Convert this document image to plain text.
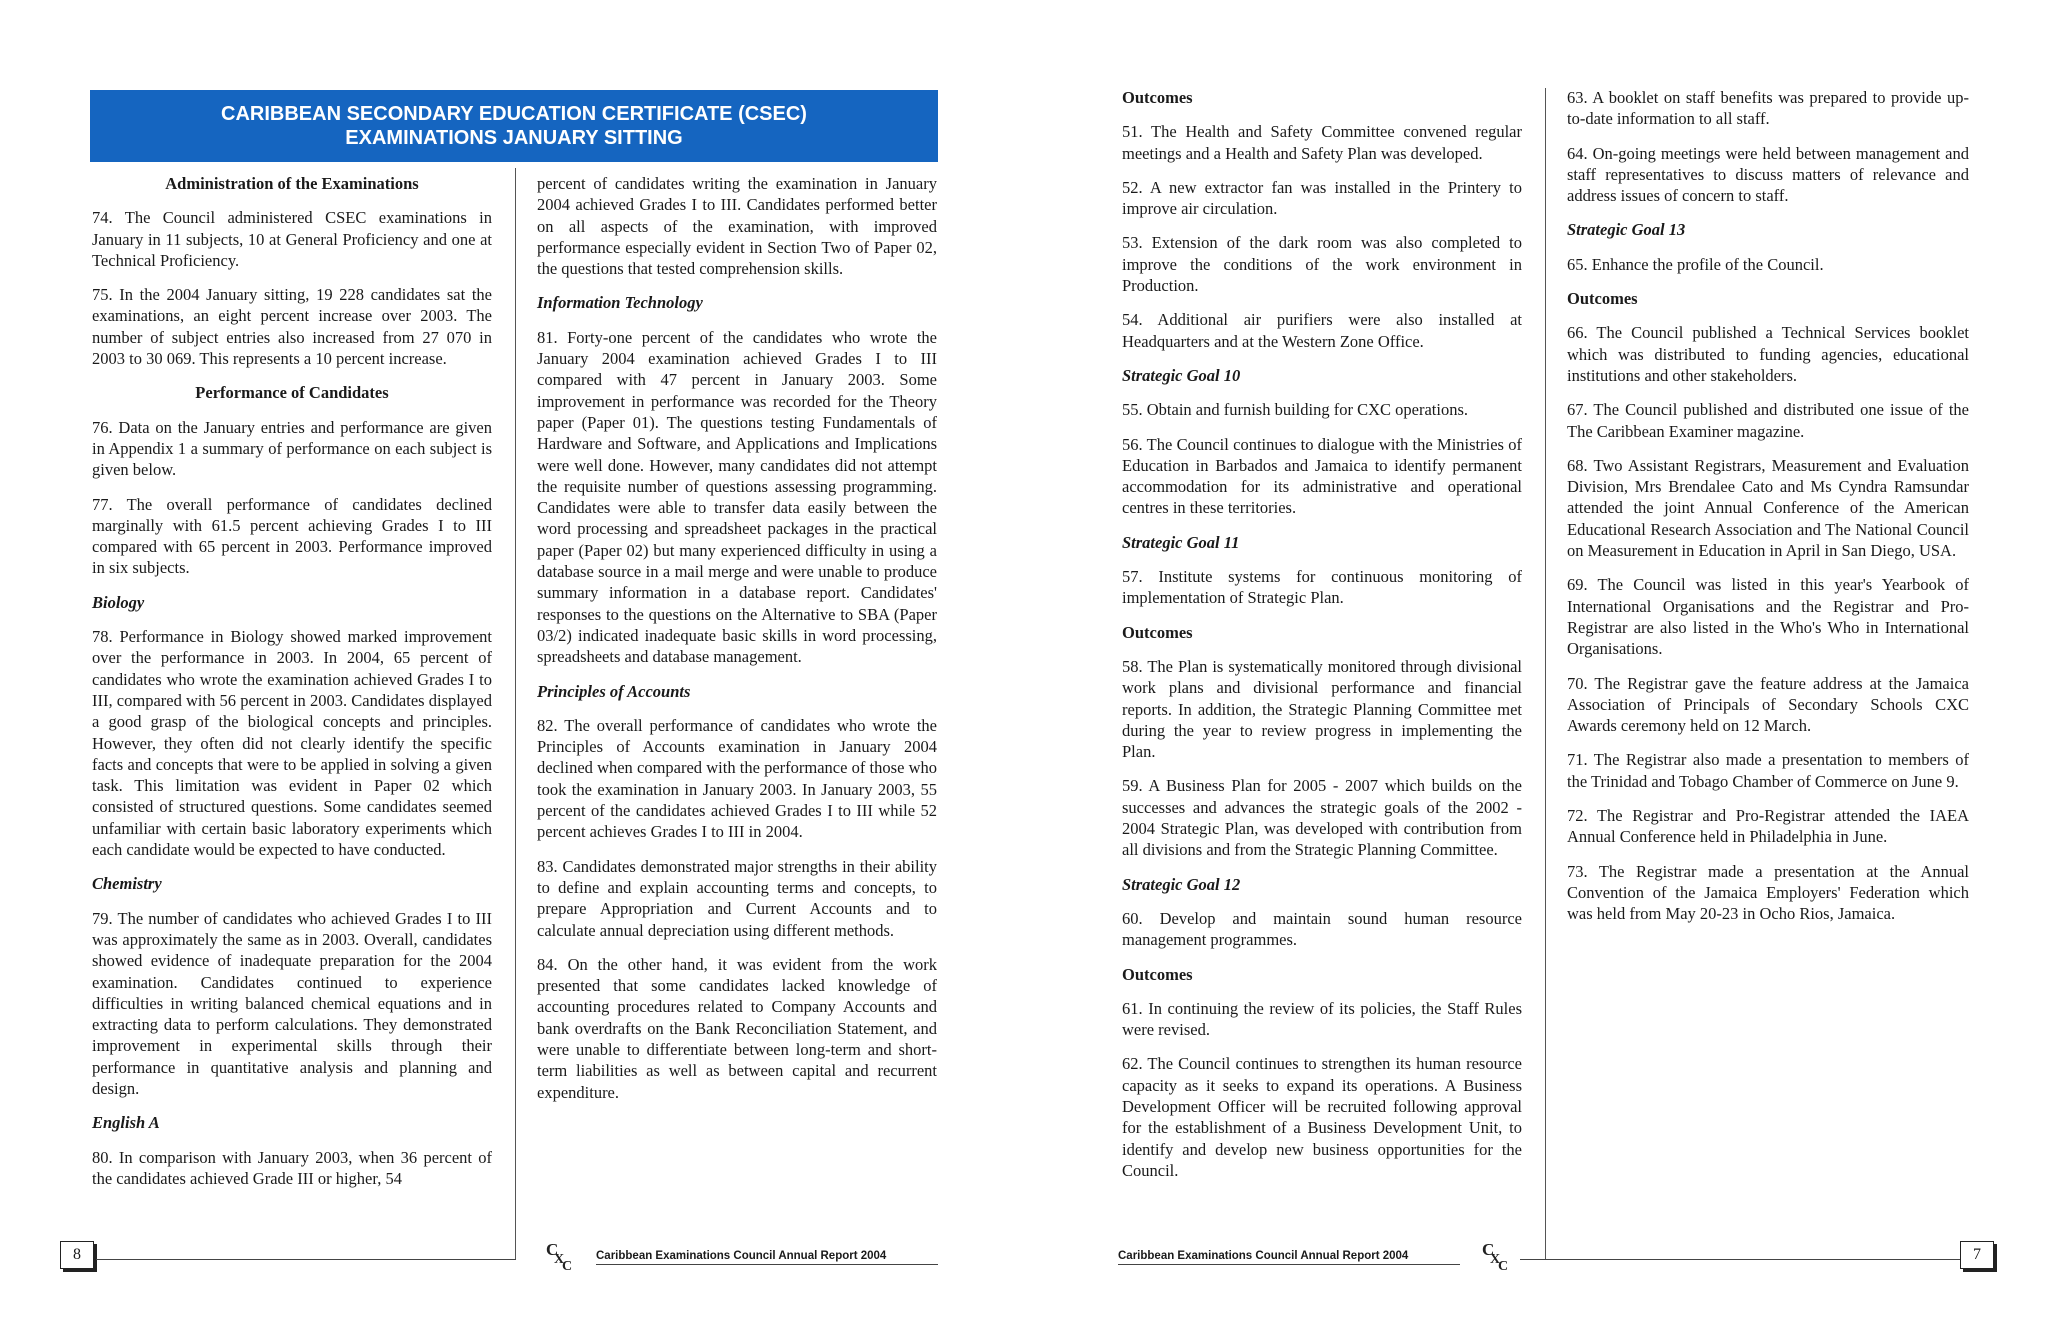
CARIBBEAN SECONDARY EDUCATION CERTIFICATE (CSEC)
EXAMINATIONS JANUARY SITTING
Administration of the Examinations

74. The Council administered CSEC examinations in January in 11 subjects, 10 at General Proficiency and one at Technical Proficiency.

75. In the 2004 January sitting, 19 228 candidates sat the examinations, an eight percent increase over 2003. The number of subject entries also increased from 27 070 in 2003 to 30 069. This represents a 10 percent increase.

Performance of Candidates

76. Data on the January entries and performance are given in Appendix 1 a summary of performance on each subject is given below.

77. The overall performance of candidates declined marginally with 61.5 percent achieving Grades I to III compared with 65 percent in 2003. Performance improved in six subjects.

Biology

78. Performance in Biology showed marked improvement over the performance in 2003. In 2004, 65 percent of candidates who wrote the examination achieved Grades I to III, compared with 56 percent in 2003. Candidates displayed a good grasp of the biological concepts and principles. However, they often did not clearly identify the specific facts and concepts that were to be applied in solving a given task. This limitation was evident in Paper 02 which consisted of structured questions. Some candidates seemed unfamiliar with certain basic laboratory experiments which each candidate would be expected to have conducted.

Chemistry

79. The number of candidates who achieved Grades I to III was approximately the same as in 2003. Overall, candidates showed evidence of inadequate preparation for the 2004 examination. Candidates continued to experience difficulties in writing balanced chemical equations and in extracting data to perform calculations. They demonstrated improvement in experimental skills through their performance in quantitative analysis and planning and design.

English A

80. In comparison with January 2003, when 36 percent of the candidates achieved Grade III or higher, 54

percent of candidates writing the examination in January 2004 achieved Grades I to III. Candidates performed better on all aspects of the examination, with improved performance especially evident in Section Two of Paper 02, the questions that tested comprehension skills.

Information Technology

81. Forty-one percent of the candidates who wrote the January 2004 examination achieved Grades I to III compared with 47 percent in January 2003. Some improvement in performance was recorded for the Theory paper (Paper 01). The questions testing Fundamentals of Hardware and Software, and Applications and Implications were well done. However, many candidates did not attempt the requisite number of questions assessing programming. Candidates were able to transfer data easily between the word processing and spreadsheet packages in the practical paper (Paper 02) but many experienced difficulty in using a database source in a mail merge and were unable to produce summary information in a database report. Candidates' responses to the questions on the Alternative to SBA (Paper 03/2) indicated inadequate basic skills in word processing, spreadsheets and database management.

Principles of Accounts

82. The overall performance of candidates who wrote the Principles of Accounts examination in January 2004 declined when compared with the performance of those who took the examination in January 2003. In January 2003, 55 percent of the candidates achieved Grades I to III while 52 percent achieves Grades I to III in 2004.

83. Candidates demonstrated major strengths in their ability to define and explain accounting terms and concepts, to prepare Appropriation and Current Accounts and to calculate annual depreciation using different methods.

84. On the other hand, it was evident from the work presented that some candidates lacked knowledge of accounting procedures related to Company Accounts and bank overdrafts on the Bank Reconciliation Statement, and were unable to differentiate between long-term and short-term liabilities as well as between capital and recurrent expenditure.

Outcomes

51. The Health and Safety Committee convened regular meetings and a Health and Safety Plan was developed.

52. A new extractor fan was installed in the Printery to improve air circulation.

53. Extension of the dark room was also completed to improve the conditions of the work environment in Production.

54. Additional air purifiers were also installed at Headquarters and at the Western Zone Office.

Strategic Goal 10

55. Obtain and furnish building for CXC operations.

56. The Council continues to dialogue with the Ministries of Education in Barbados and Jamaica to identify permanent accommodation for its administrative and operational centres in these territories.

Strategic Goal 11

57. Institute systems for continuous monitoring of implementation of Strategic Plan.

Outcomes

58. The Plan is systematically monitored through divisional work plans and divisional performance and financial reports. In addition, the Strategic Planning Committee met during the year to review progress in implementing the Plan.

59. A Business Plan for 2005 - 2007 which builds on the successes and advances the strategic goals of the 2002 - 2004 Strategic Plan, was developed with contribution from all divisions and from the Strategic Planning Committee.

Strategic Goal 12

60. Develop and maintain sound human resource management programmes.

Outcomes

61. In continuing the review of its policies, the Staff Rules were revised.

62. The Council continues to strengthen its human resource capacity as it seeks to expand its operations. A Business Development Officer will be recruited following approval for the establishment of a Business Development Unit, to identify and develop new business opportunities for the Council.

63. A booklet on staff benefits was prepared to provide up-to-date information to all staff.

64. On-going meetings were held between management and staff representatives to discuss matters of relevance and address issues of concern to staff.

Strategic Goal 13

65. Enhance the profile of the Council.

Outcomes

66. The Council published a Technical Services booklet which was distributed to funding agencies, educational institutions and other stakeholders.

67. The Council published and distributed one issue of the The Caribbean Examiner magazine.

68. Two Assistant Registrars, Measurement and Evaluation Division, Mrs Brendalee Cato and Ms Cyndra Ramsundar attended the joint Annual Conference of the American Educational Research Association and The National Council on Measurement in Education in April in San Diego, USA.

69. The Council was listed in this year's Yearbook of International Organisations and the Registrar and Pro-Registrar are also listed in the Who's Who in International Organisations.

70. The Registrar gave the feature address at the Jamaica Association of Principals of Secondary Schools CXC Awards ceremony held on 12 March.

71. The Registrar also made a presentation to members of the Trinidad and Tobago Chamber of Commerce on June 9.

72. The Registrar and Pro-Registrar attended the IAEA Annual Conference held in Philadelphia in June.

73. The Registrar made a presentation at the Annual Convention of the Jamaica Employers' Federation which was held from May 20-23 in Ocho Rios, Jamaica.

8	C
X
C
Caribbean Examinations Council Annual Report 2004	Caribbean Examinations Council Annual Report 2004	C
X
C
7
